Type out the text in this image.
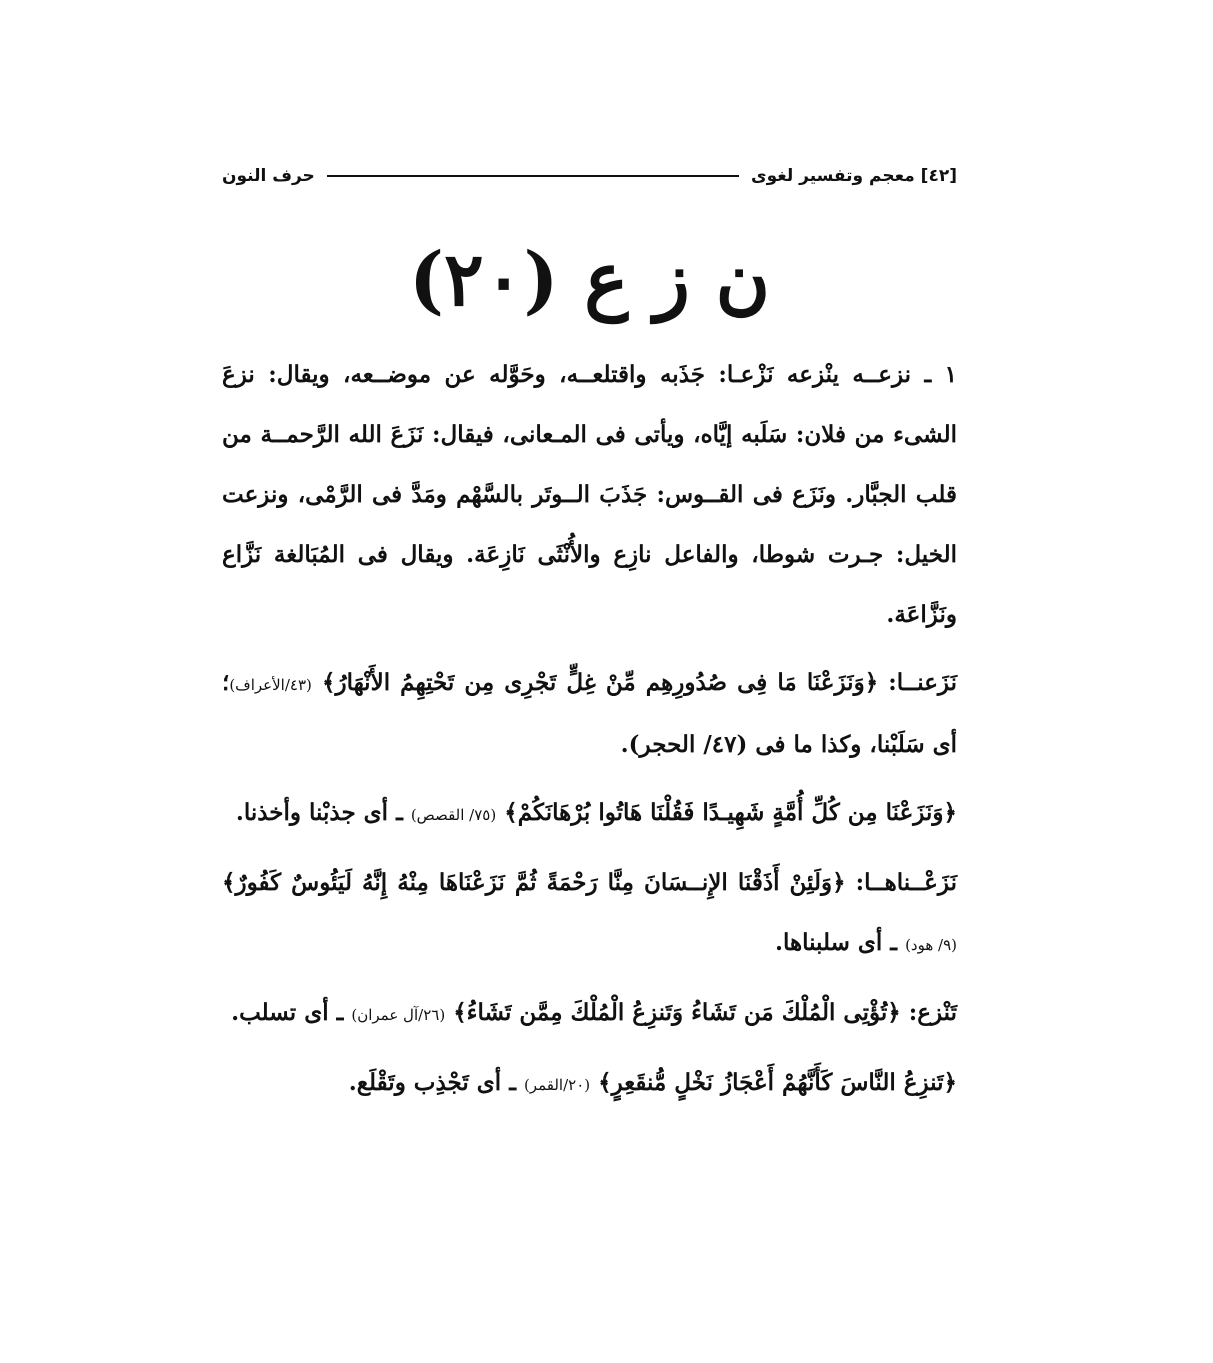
[٤٢] معجم وتفسير لغوى
حرف النون
ن ز ع (٢٠)

١ ـ نزعــه ينْزعه نَزْعـا: جَذَبه واقتلعــه، وحَوَّله عن موضــعه، ويقال: نزعَ الشىء من فلان: سَلَبه إيَّاه، ويأتى فى المـعانى، فيقال: نَزَعَ الله الرَّحمــة من قلب الجبَّار. ونَزَع فى القــوس: جَذَبَ الــوتَر بالسَّهْم ومَدَّ فى الرَّمْى، ونزعت الخيل: جـرت شوطا، والفاعل نازِع والأُنْثَى نَازِعَة. ويقال فى المُبَالغة نَزَّاع ونَزَّاعَة.

نَزَعنــا: ﴿وَنَزَعْنَا مَا فِى صُدُورِهِم مِّنْ غِلٍّ تَجْرِى مِن تَحْتِهِمُ الأَنْهَارُ﴾ (٤٣/الأعراف)؛ أى سَلَبْنا، وكذا ما فى (٤٧/ الحجر).

﴿وَنَزَعْنَا مِن كُلِّ أُمَّةٍ شَهِيـدًا فَقُلْنَا هَاتُوا بُرْهَانَكُمْ﴾ (٧٥/ القصص) ـ أى جذبْنا وأخذنا.

نَزَعْــناهــا: ﴿وَلَئِنْ أَذَقْنَا الإِنــسَانَ مِنَّا رَحْمَةً ثُمَّ نَزَعْنَاهَا مِنْهُ إِنَّهُ لَيَئُوسٌ كَفُورٌ﴾ (٩/ هود) ـ أى سلبناها.

تَنْزع: ﴿تُؤْتِى الْمُلْكَ مَن تَشَاءُ وَتَنزِعُ الْمُلْكَ مِمَّن تَشَاءُ﴾ (٢٦/آل عمران) ـ أى تسلب.

﴿تَنزِعُ النَّاسَ كَأَنَّهُمْ أَعْجَازُ نَخْلٍ مُّنقَعِرٍ﴾ (٢٠/القمر) ـ أى تَجْذِب وتَقْلَع.
